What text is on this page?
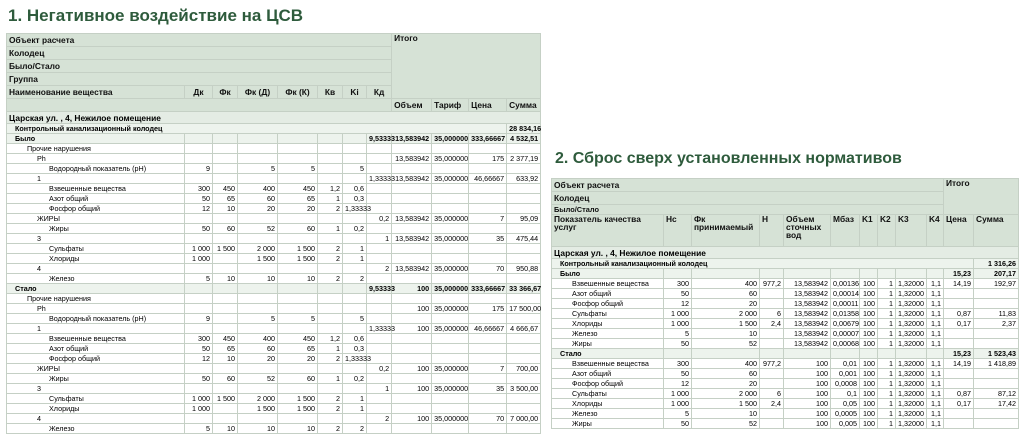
1. Негативное воздействие на ЦСВ
Объект расчета								Итого			
Колодец											
Было/Стало											
Группа											
Наименование вещества	Дк	Фк	Фк (Д)	Фк (К)	Кв	Ki	Кд				
								Объем	Тариф	Цена	Сумма
Царская ул. , 4, Нежилое помещение											
Контрольный канализационный колодец											28 834,16
Было							9,53333	13,583942	35,000000	333,66667	4 532,51
Прочие нарушения											
Ph								13,583942	35,000000	175	2 377,19
Водородный показатель (pH)	9		5	5		5					
1							1,33333	13,583942	35,000000	46,66667	633,92
Взвешенные вещества	300	450	400	450	1,2	0,6					
Азот общий	50	65	60	65	1	0,3					
Фосфор общий	12	10	20	20	2	1,33333					
ЖИРЫ							0,2	13,583942	35,000000	7	95,09
Жиры	50	60	52	60	1	0,2					
3							1	13,583942	35,000000	35	475,44
Сульфаты	1 000	1 500	2 000	1 500	2	1					
Хлориды	1 000		1 500	1 500	2	1					
4							2	13,583942	35,000000	70	950,88
Железо	5	10	10	10	2	2					
Стало							9,53333	100	35,000000	333,66667	33 366,67
Прочие нарушения											
Ph								100	35,000000	175	17 500,00
Водородный показатель (pH)	9		5	5		5					
1							1,33333	100	35,000000	46,66667	4 666,67
Взвешенные вещества	300	450	400	450	1,2	0,6					
Азот общий	50	65	60	65	1	0,3					
Фосфор общий	12	10	20	20	2	1,33333					
ЖИРЫ							0,2	100	35,000000	7	700,00
Жиры	50	60	52	60	1	0,2					
3							1	100	35,000000	35	3 500,00
Сульфаты	1 000	1 500	2 000	1 500	2	1					
Хлориды	1 000		1 500	1 500	2	1					
4							2	100	35,000000	70	7 000,00
Железо	5	10	10	10	2	2					
2. Сброс сверх установленных нормативов
Объект расчета										Итого	
Колодец											
Было/Стало											
Показатель качества услуг	Нс	Фк принимаемый	Н	Объем сточных вод	Мбаз	K1	K2	K3	K4	Цена	Сумма
Царская ул. , 4, Нежилое помещение											
Контрольный канализационный колодец											1 316,26
Было										15,23	207,17
Взвешенные вещества	300	400	977,2	13,583942	0,00136	100	1	1,32000	1,1	14,19	192,97
Азот общий	50	60		13,583942	0,00014	100	1	1,32000	1,1		
Фосфор общий	12	20		13,583942	0,00011	100	1	1,32000	1,1		
Сульфаты	1 000	2 000	6	13,583942	0,01358	100	1	1,32000	1,1	0,87	11,83
Хлориды	1 000	1 500	2,4	13,583942	0,00679	100	1	1,32000	1,1	0,17	2,37
Железо	5	10		13,583942	0,00007	100	1	1,32000	1,1		
Жиры	50	52		13,583942	0,00068	100	1	1,32000	1,1		
Стало										15,23	1 523,43
Взвешенные вещества	300	400	977,2	100	0,01	100	1	1,32000	1,1	14,19	1 418,89
Азот общий	50	60		100	0,001	100	1	1,32000	1,1		
Фосфор общий	12	20		100	0,0008	100	1	1,32000	1,1		
Сульфаты	1 000	2 000	6	100	0,1	100	1	1,32000	1,1	0,87	87,12
Хлориды	1 000	1 500	2,4	100	0,05	100	1	1,32000	1,1	0,17	17,42
Железо	5	10		100	0,0005	100	1	1,32000	1,1		
Жиры	50	52		100	0,005	100	1	1,32000	1,1		
